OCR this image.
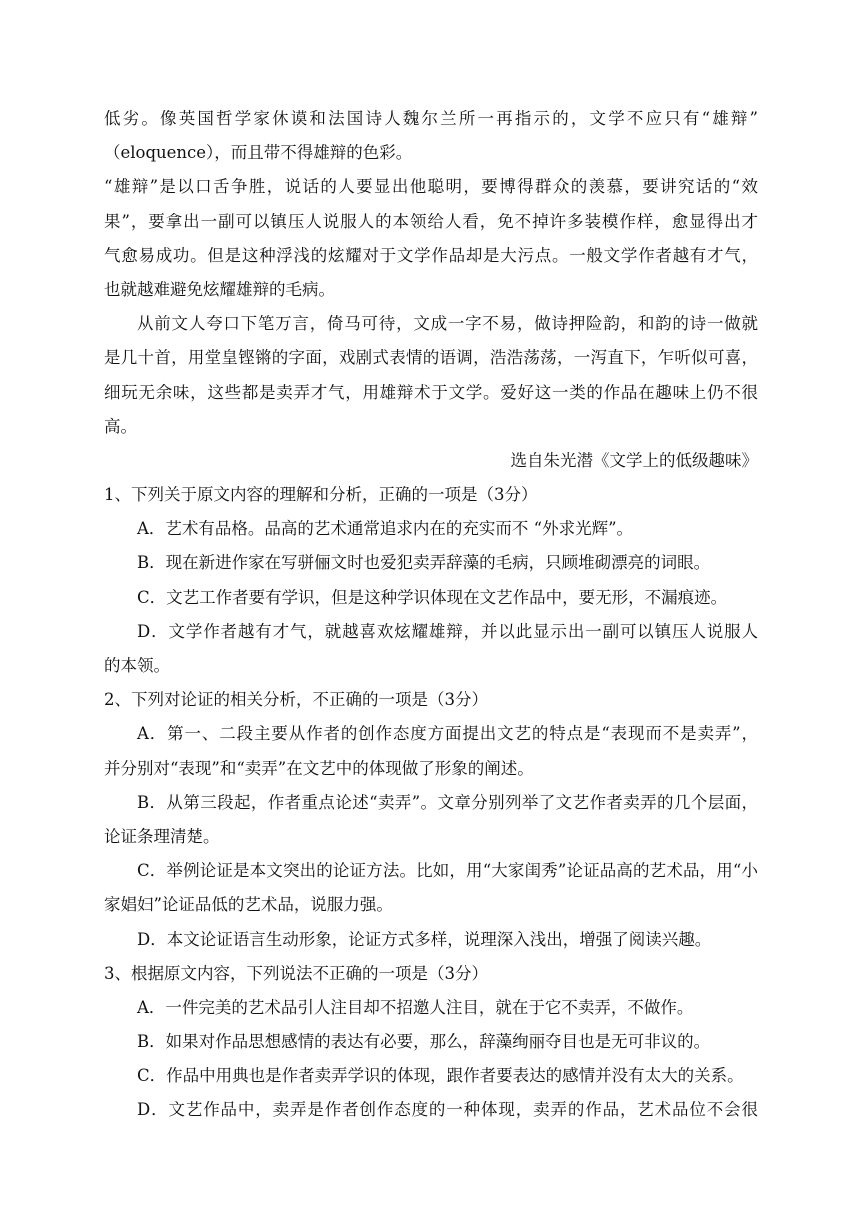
低劣。像英国哲学家休谟和法国诗人魏尔兰所一再指示的，文学不应只有“雄辩”
（eloquence），而且带不得雄辩的色彩。
“雄辩”是以口舌争胜，说话的人要显出他聪明，要博得群众的羡慕，要讲究话的“效
果”，要拿出一副可以镇压人说服人的本领给人看，免不掉许多装模作样，愈显得出才
气愈易成功。但是这种浮浅的炫耀对于文学作品却是大污点。一般文学作者越有才气，
也就越难避免炫耀雄辩的毛病。
从前文人夸口下笔万言，倚马可待，文成一字不易，做诗押险韵，和韵的诗一做就
是几十首，用堂皇铿锵的字面，戏剧式表情的语调，浩浩荡荡，一泻直下，乍听似可喜，
细玩无余味，这些都是卖弄才气，用雄辩术于文学。爱好这一类的作品在趣味上仍不很
高。
选自朱光潜《文学上的低级趣味》
1、下列关于原文内容的理解和分析，正确的一项是（3分）
A．艺术有品格。品高的艺术通常追求内在的充实而不 “外求光辉”。
B．现在新进作家在写骈俪文时也爱犯卖弄辞藻的毛病，只顾堆砌漂亮的词眼。
C．文艺工作者要有学识，但是这种学识体现在文艺作品中，要无形，不漏痕迹。
D．文学作者越有才气，就越喜欢炫耀雄辩，并以此显示出一副可以镇压人说服人
的本领。
2、下列对论证的相关分析，不正确的一项是（3分）
A．第一、二段主要从作者的创作态度方面提出文艺的特点是“表现而不是卖弄”，
并分别对“表现”和“卖弄”在文艺中的体现做了形象的阐述。
B．从第三段起，作者重点论述“卖弄”。文章分别列举了文艺作者卖弄的几个层面，
论证条理清楚。
C．举例论证是本文突出的论证方法。比如，用“大家闺秀”论证品高的艺术品，用“小
家娼妇”论证品低的艺术品，说服力强。
D．本文论证语言生动形象，论证方式多样，说理深入浅出，增强了阅读兴趣。
3、根据原文内容，下列说法不正确的一项是（3分）
A．一件完美的艺术品引人注目却不招邀人注目，就在于它不卖弄，不做作。
B．如果对作品思想感情的表达有必要，那么，辞藻绚丽夺目也是无可非议的。
C．作品中用典也是作者卖弄学识的体现，跟作者要表达的感情并没有太大的关系。
D．文艺作品中，卖弄是作者创作态度的一种体现，卖弄的作品，艺术品位不会很
